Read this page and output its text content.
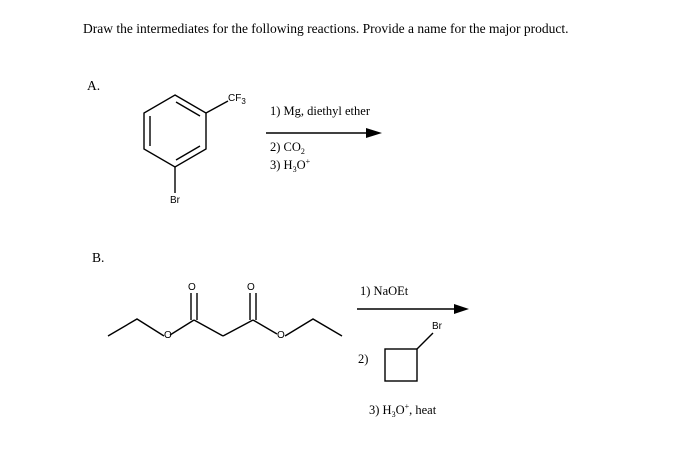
Draw the intermediates for the following reactions. Provide a name for the major product.
A.
$CF_3$
Br
1) Mg, diethyl ether
2) $CO_2$
3) $H_3O^+$
B.
O
O	O
O
1) NaOEt
2)
Br
3) $H_3O^+$, heat
